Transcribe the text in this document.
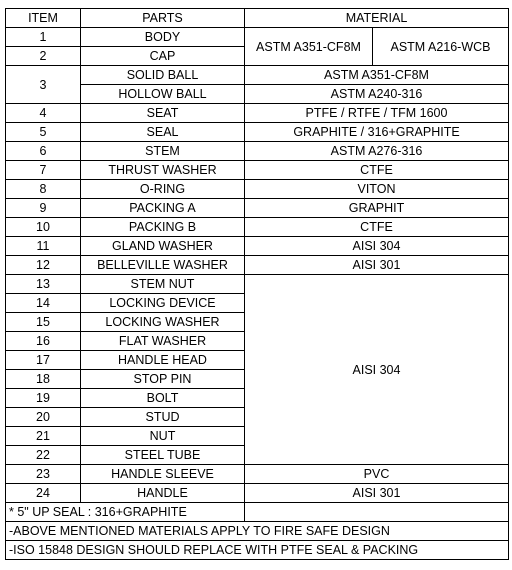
ITEM	PARTS	MATERIAL	
1	BODY	ASTM A351-CF8M	ASTM A216-WCB
2	CAP		
3	SOLID BALL	ASTM A351-CF8M	
	HOLLOW BALL	ASTM A240-316	
4	SEAT	PTFE / RTFE / TFM 1600	
5	SEAL	GRAPHITE / 316+GRAPHITE	
6	STEM	ASTM A276-316	
7	THRUST WASHER	CTFE	
8	O-RING	VITON	
9	PACKING A	GRAPHIT	
10	PACKING B	CTFE	
11	GLAND WASHER	AISI 304	
12	BELLEVILLE WASHER	AISI 301	
13	STEM NUT	AISI 304	
14	LOCKING DEVICE		
15	LOCKING WASHER		
16	FLAT WASHER		
17	HANDLE HEAD		
18	STOP PIN		
19	BOLT		
20	STUD		
21	NUT		
22	STEEL TUBE		
23	HANDLE SLEEVE	PVC	
24	HANDLE	AISI 301	
* 5" UP SEAL : 316+GRAPHITE			
-ABOVE MENTIONED MATERIALS APPLY TO FIRE SAFE DESIGN			
-ISO 15848 DESIGN SHOULD REPLACE WITH PTFE SEAL & PACKING			
